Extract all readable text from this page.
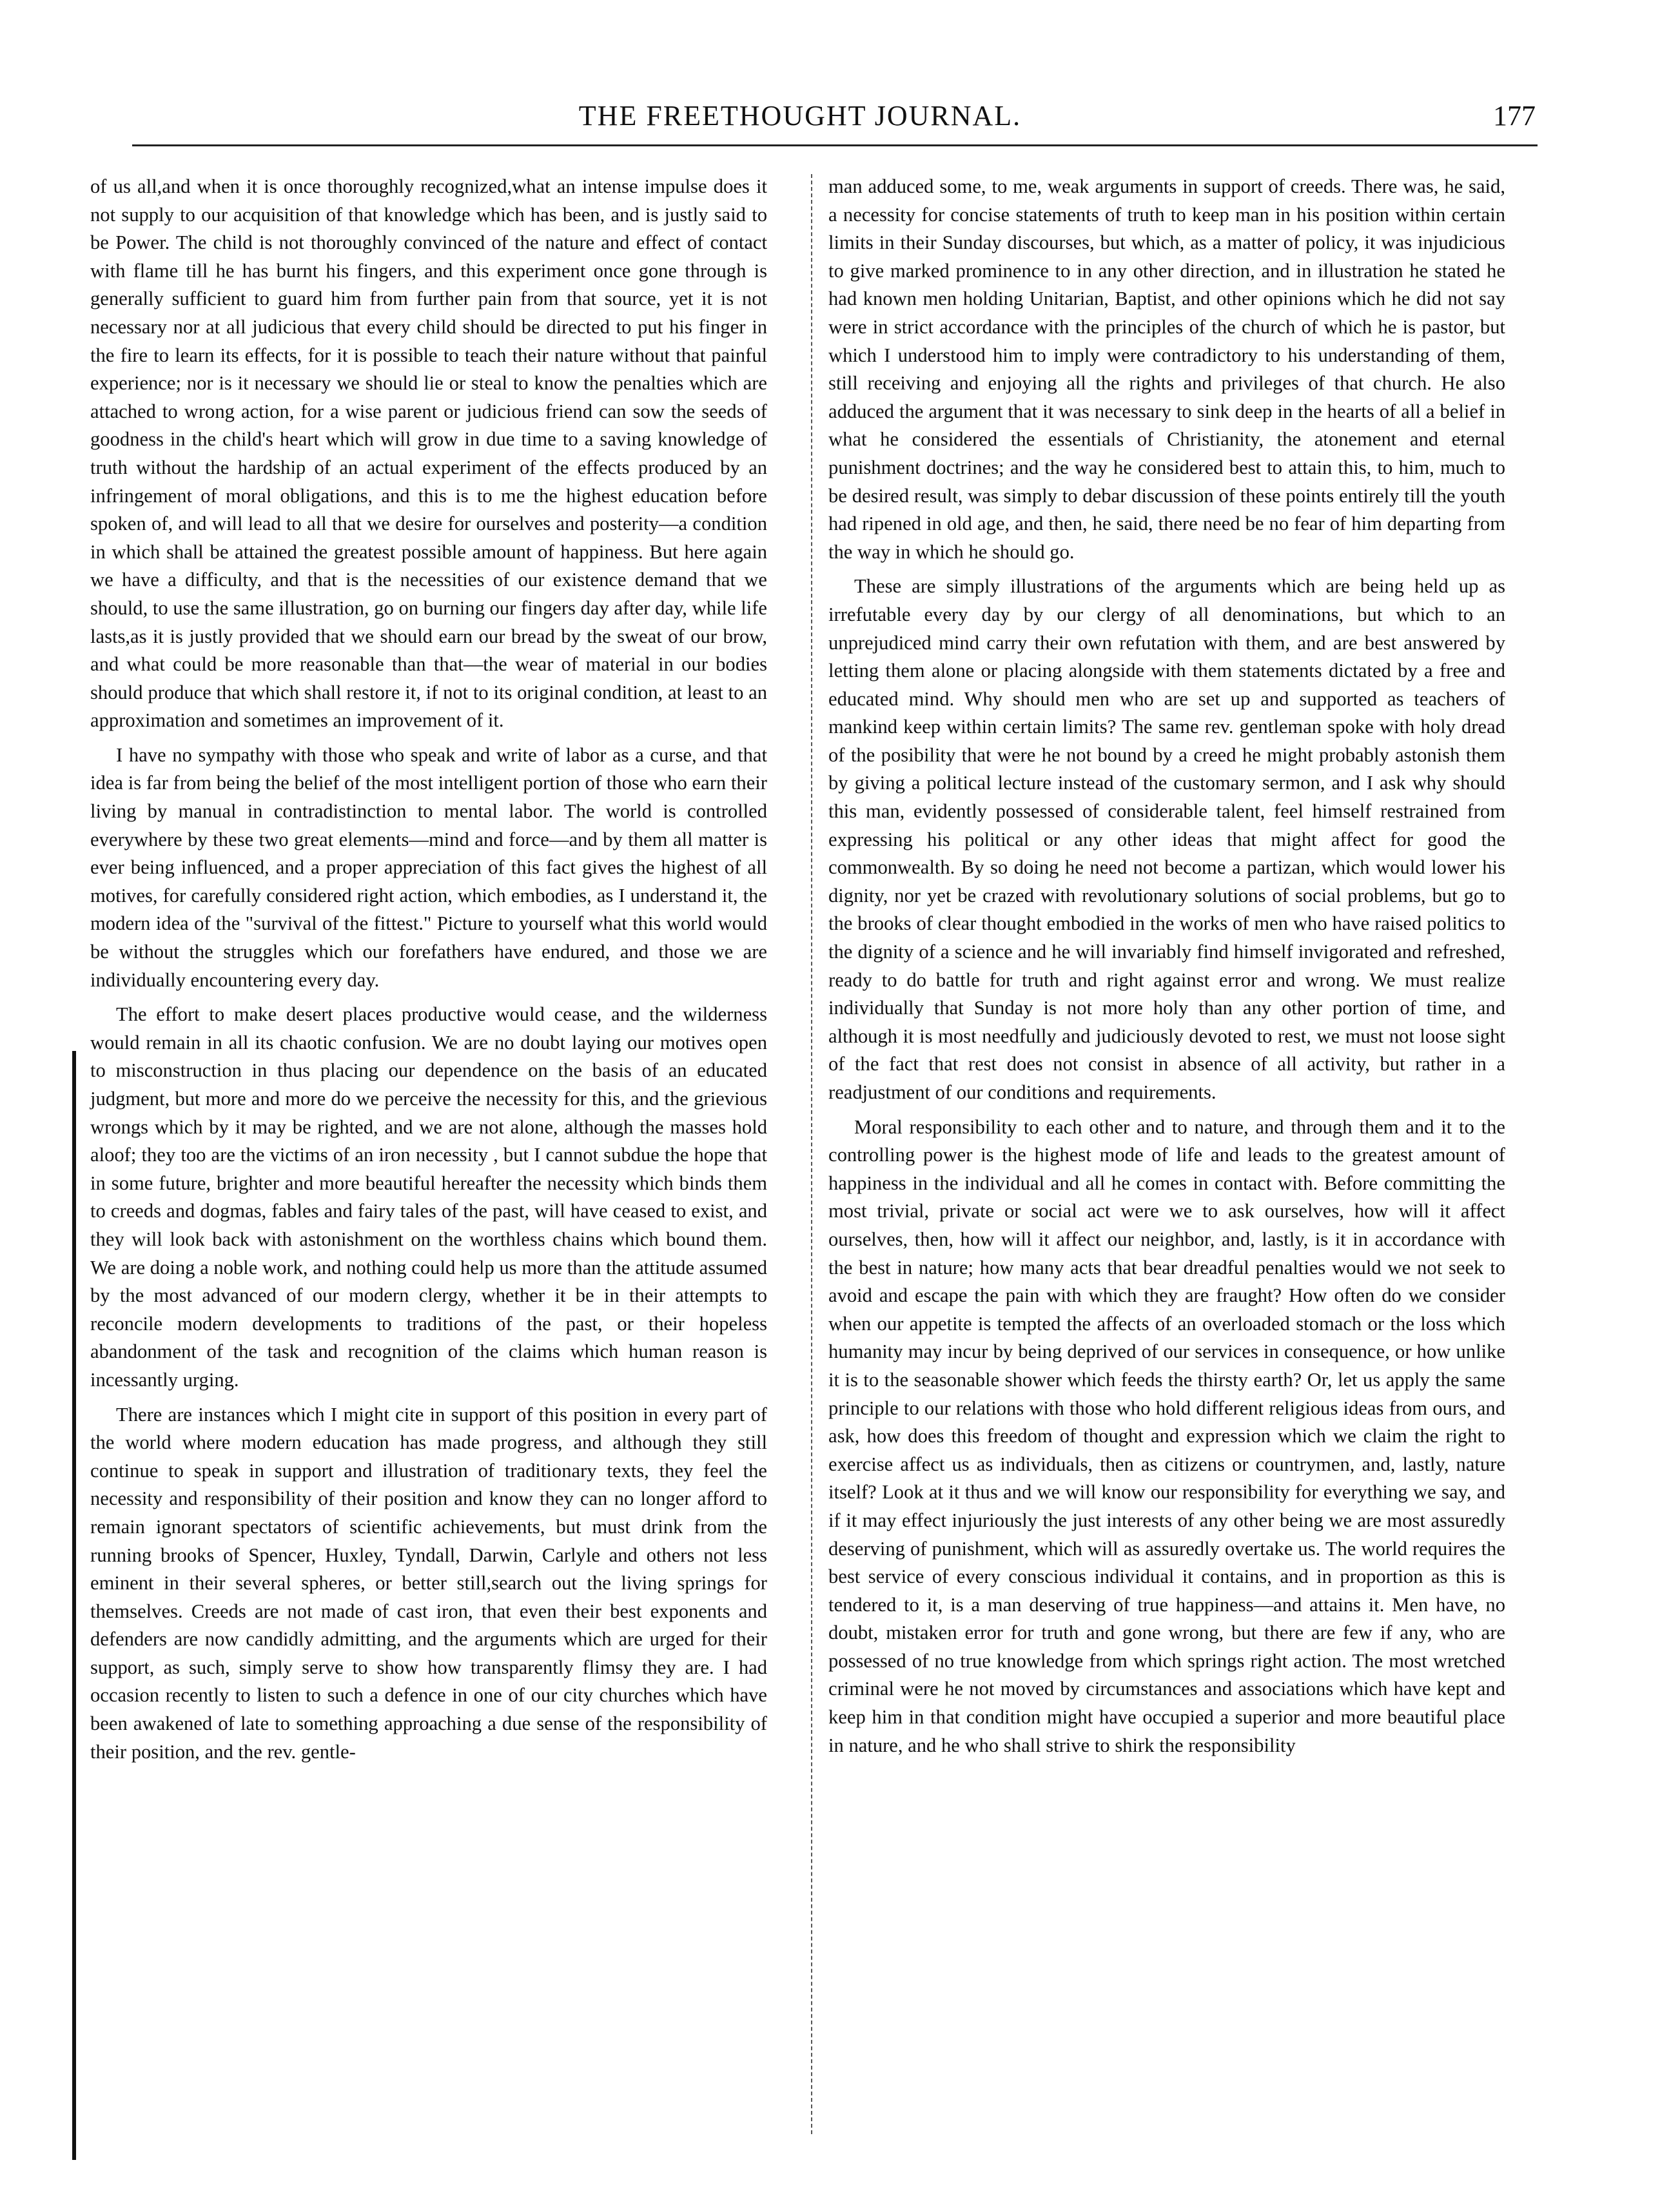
THE FREETHOUGHT JOURNAL.	177

of us all,and when it is once thoroughly recognized,what an intense impulse does it not supply to our acquisition of that knowledge which has been, and is justly said to be Power. The child is not thoroughly convinced of the nature and effect of contact with flame till he has burnt his fingers, and this experiment once gone through is generally sufficient to guard him from further pain from that source, yet it is not necessary nor at all judicious that every child should be directed to put his finger in the fire to learn its effects, for it is possible to teach their nature without that painful experience; nor is it necessary we should lie or steal to know the penalties which are attached to wrong action, for a wise parent or judicious friend can sow the seeds of goodness in the child's heart which will grow in due time to a saving knowledge of truth without the hardship of an actual experiment of the effects produced by an infringement of moral obligations, and this is to me the highest education before spoken of, and will lead to all that we desire for ourselves and posterity—a condition in which shall be attained the greatest possible amount of happiness. But here again we have a difficulty, and that is the necessities of our existence demand that we should, to use the same illustration, go on burning our fingers day after day, while life lasts,as it is justly provided that we should earn our bread by the sweat of our brow, and what could be more reasonable than that—the wear of material in our bodies should produce that which shall restore it, if not to its original condition, at least to an approximation and sometimes an improvement of it.

I have no sympathy with those who speak and write of labor as a curse, and that idea is far from being the belief of the most intelligent portion of those who earn their living by manual in contradistinction to mental labor. The world is controlled everywhere by these two great elements—mind and force—and by them all matter is ever being influenced, and a proper appreciation of this fact gives the highest of all motives, for carefully considered right action, which embodies, as I understand it, the modern idea of the "survival of the fittest." Picture to yourself what this world would be without the struggles which our forefathers have endured, and those we are individually encountering every day.

The effort to make desert places productive would cease, and the wilderness would remain in all its chaotic confusion. We are no doubt laying our motives open to misconstruction in thus placing our dependence on the basis of an educated judgment, but more and more do we perceive the necessity for this, and the grievious wrongs which by it may be righted, and we are not alone, although the masses hold aloof; they too are the victims of an iron necessity , but I cannot subdue the hope that in some future, brighter and more beautiful hereafter the necessity which binds them to creeds and dogmas, fables and fairy tales of the past, will have ceased to exist, and they will look back with astonishment on the worthless chains which bound them. We are doing a noble work, and nothing could help us more than the attitude assumed by the most advanced of our modern clergy, whether it be in their attempts to reconcile modern developments to traditions of the past, or their hopeless abandonment of the task and recognition of the claims which human reason is incessantly urging.

There are instances which I might cite in support of this position in every part of the world where modern education has made progress, and although they still continue to speak in support and illustration of traditionary texts, they feel the necessity and responsibility of their position and know they can no longer afford to remain ignorant spectators of scientific achievements, but must drink from the running brooks of Spencer, Huxley, Tyndall, Darwin, Carlyle and others not less eminent in their several spheres, or better still,search out the living springs for themselves. Creeds are not made of cast iron, that even their best exponents and defenders are now candidly admitting, and the arguments which are urged for their support, as such, simply serve to show how transparently flimsy they are. I had occasion recently to listen to such a defence in one of our city churches which have been awakened of late to something approaching a due sense of the responsibility of their position, and the rev. gentle-

man adduced some, to me, weak arguments in support of creeds. There was, he said, a necessity for concise statements of truth to keep man in his position within certain limits in their Sunday discourses, but which, as a matter of policy, it was injudicious to give marked prominence to in any other direction, and in illustration he stated he had known men holding Unitarian, Baptist, and other opinions which he did not say were in strict accordance with the principles of the church of which he is pastor, but which I understood him to imply were contradictory to his understanding of them, still receiving and enjoying all the rights and privileges of that church. He also adduced the argument that it was necessary to sink deep in the hearts of all a belief in what he considered the essentials of Christianity, the atonement and eternal punishment doctrines; and the way he considered best to attain this, to him, much to be desired result, was simply to debar discussion of these points entirely till the youth had ripened in old age, and then, he said, there need be no fear of him departing from the way in which he should go.

These are simply illustrations of the arguments which are being held up as irrefutable every day by our clergy of all denominations, but which to an unprejudiced mind carry their own refutation with them, and are best answered by letting them alone or placing alongside with them statements dictated by a free and educated mind. Why should men who are set up and supported as teachers of mankind keep within certain limits? The same rev. gentleman spoke with holy dread of the posibility that were he not bound by a creed he might probably astonish them by giving a political lecture instead of the customary sermon, and I ask why should this man, evidently possessed of considerable talent, feel himself restrained from expressing his political or any other ideas that might affect for good the commonwealth. By so doing he need not become a partizan, which would lower his dignity, nor yet be crazed with revolutionary solutions of social problems, but go to the brooks of clear thought embodied in the works of men who have raised politics to the dignity of a science and he will invariably find himself invigorated and refreshed, ready to do battle for truth and right against error and wrong. We must realize individually that Sunday is not more holy than any other portion of time, and although it is most needfully and judiciously devoted to rest, we must not loose sight of the fact that rest does not consist in absence of all activity, but rather in a readjustment of our conditions and requirements.

Moral responsibility to each other and to nature, and through them and it to the controlling power is the highest mode of life and leads to the greatest amount of happiness in the individual and all he comes in contact with. Before committing the most trivial, private or social act were we to ask ourselves, how will it affect ourselves, then, how will it affect our neighbor, and, lastly, is it in accordance with the best in nature; how many acts that bear dreadful penalties would we not seek to avoid and escape the pain with which they are fraught? How often do we consider when our appetite is tempted the affects of an overloaded stomach or the loss which humanity may incur by being deprived of our services in consequence, or how unlike it is to the seasonable shower which feeds the thirsty earth? Or, let us apply the same principle to our relations with those who hold different religious ideas from ours, and ask, how does this freedom of thought and expression which we claim the right to exercise affect us as individuals, then as citizens or countrymen, and, lastly, nature itself? Look at it thus and we will know our responsibility for everything we say, and if it may effect injuriously the just interests of any other being we are most assuredly deserving of punishment, which will as assuredly overtake us. The world requires the best service of every conscious individual it contains, and in proportion as this is tendered to it, is a man deserving of true happiness—and attains it. Men have, no doubt, mistaken error for truth and gone wrong, but there are few if any, who are possessed of no true knowledge from which springs right action. The most wretched criminal were he not moved by circumstances and associations which have kept and keep him in that condition might have occupied a superior and more beautiful place in nature, and he who shall strive to shirk the responsibility
